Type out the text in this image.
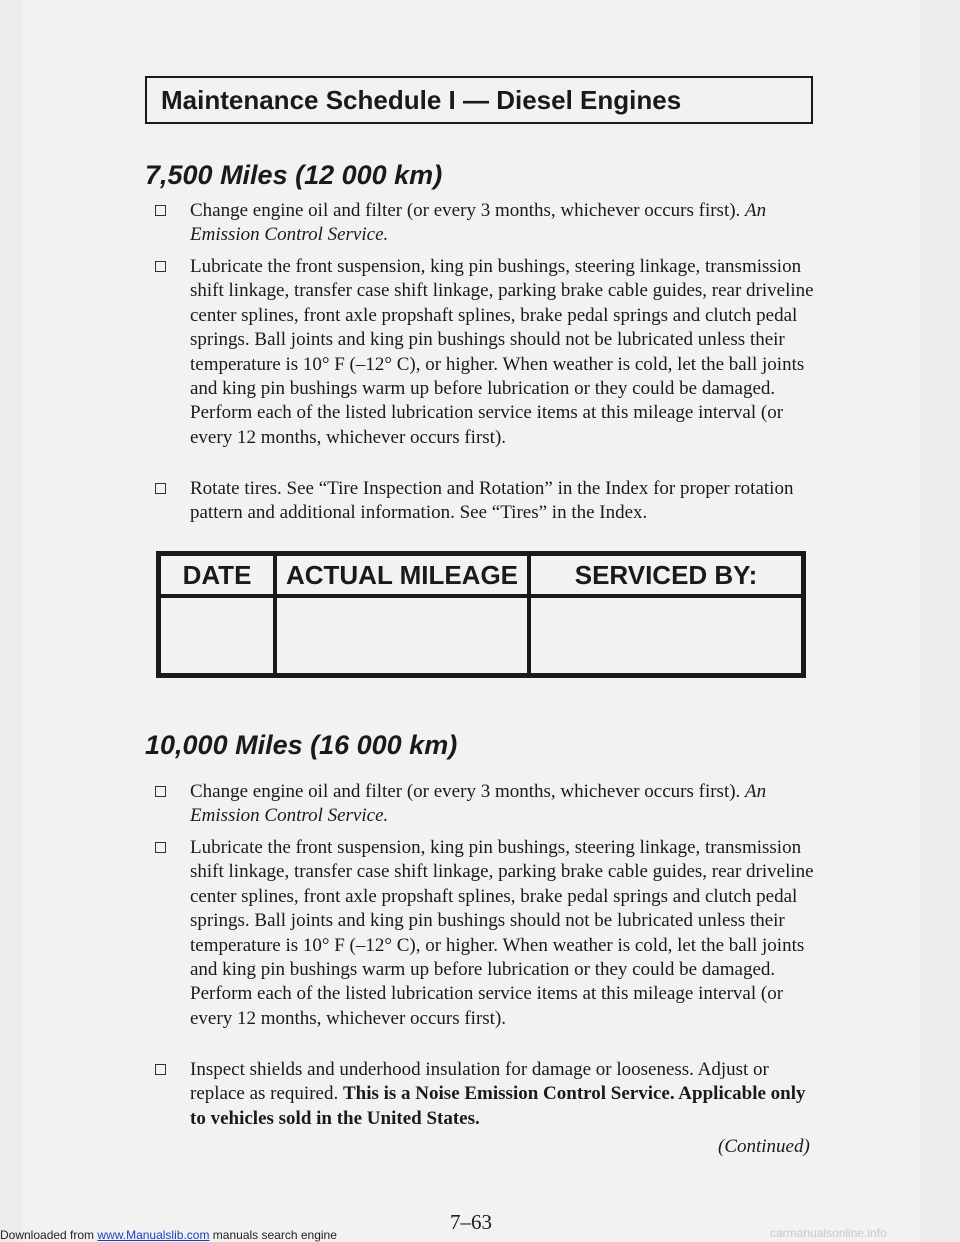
Maintenance Schedule I — Diesel Engines
7,500 Miles (12 000 km)
Change engine oil and filter (or every 3 months, whichever occurs first). An Emission Control Service.
Lubricate the front suspension, king pin bushings, steering linkage, transmission shift linkage, transfer case shift linkage, parking brake cable guides, rear driveline center splines, front axle propshaft splines, brake pedal springs and clutch pedal springs. Ball joints and king pin bushings should not be lubricated unless their temperature is 10° F (–12° C), or higher. When weather is cold, let the ball joints and king pin bushings warm up before lubrication or they could be damaged. Perform each of the listed lubrication service items at this mileage interval (or every 12 months, whichever occurs first).
Rotate tires. See “Tire Inspection and Rotation” in the Index for proper rotation pattern and additional information. See “Tires” in the Index.
DATE	ACTUAL MILEAGE	SERVICED BY:

10,000 Miles (16 000 km)
Change engine oil and filter (or every 3 months, whichever occurs first). An Emission Control Service.
Lubricate the front suspension, king pin bushings, steering linkage, transmission shift linkage, transfer case shift linkage, parking brake cable guides, rear driveline center splines, front axle propshaft splines, brake pedal springs and clutch pedal springs. Ball joints and king pin bushings should not be lubricated unless their temperature is 10° F (–12° C), or higher. When weather is cold, let the ball joints and king pin bushings warm up before lubrication or they could be damaged. Perform each of the listed lubrication service items at this mileage interval (or every 12 months, whichever occurs first).
Inspect shields and underhood insulation for damage or looseness. Adjust or replace as required. This is a Noise Emission Control Service. Applicable only to vehicles sold in the United States.
(Continued)
7–63
Downloaded from www.Manualslib.com manuals search engine	carmanualsonline.info
